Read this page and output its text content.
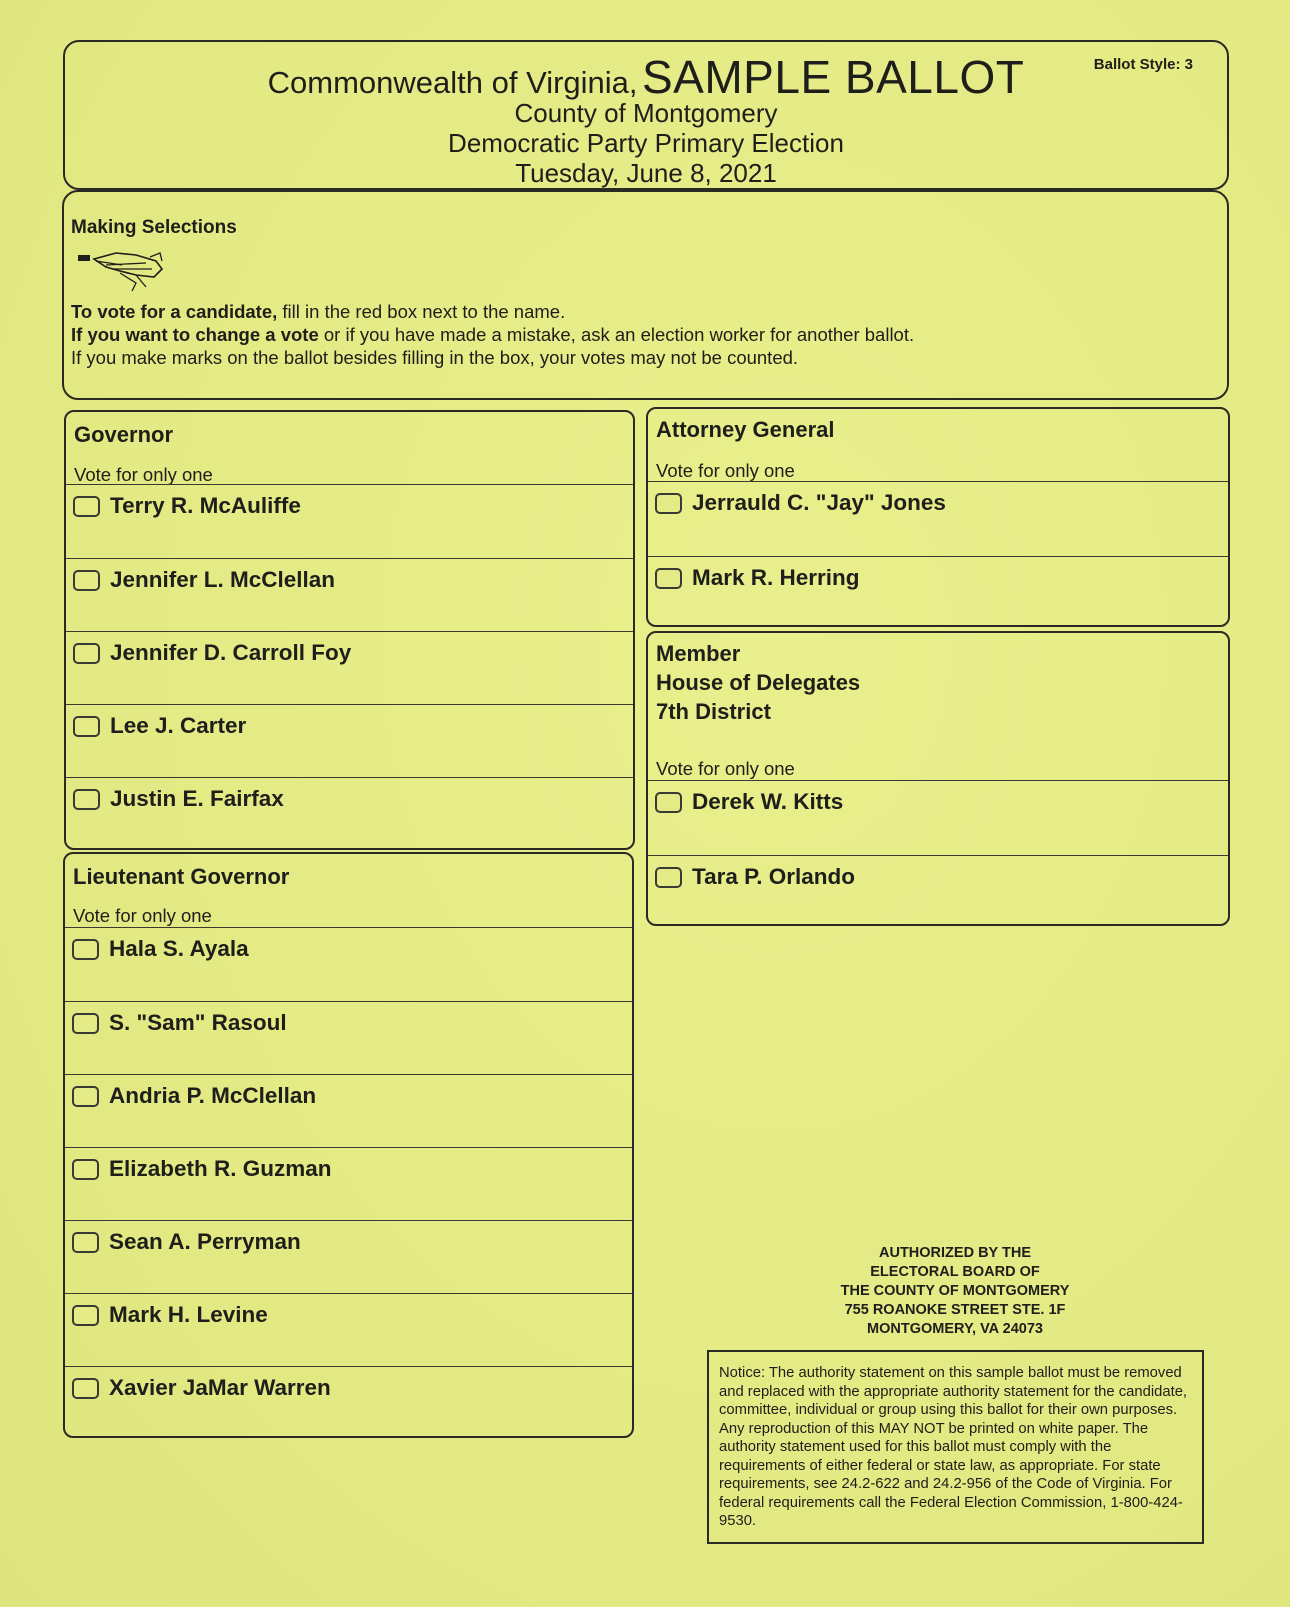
Commonwealth of Virginia, SAMPLE BALLOT	Ballot Style: 3
County of Montgomery
Democratic Party Primary Election
Tuesday, June 8, 2021
Making Selections
To vote for a candidate, fill in the red box next to the name.
If you want to change a vote or if you have made a mistake, ask an election worker for another ballot.
If you make marks on the ballot besides filling in the box, your votes may not be counted.
Governor
Vote for only one
Terry R. McAuliffe
Jennifer L. McClellan
Jennifer D. Carroll Foy
Lee J. Carter
Justin E. Fairfax
Lieutenant Governor
Vote for only one
Hala S. Ayala
S. "Sam" Rasoul
Andria P. McClellan
Elizabeth R. Guzman
Sean A. Perryman
Mark H. Levine
Xavier JaMar Warren
Attorney General
Vote for only one
Jerrauld C. "Jay" Jones
Mark R. Herring
Member
House of Delegates
7th District
Vote for only one
Derek W. Kitts
Tara P. Orlando
AUTHORIZED BY THE
ELECTORAL BOARD OF
THE COUNTY OF MONTGOMERY
755 ROANOKE STREET STE. 1F
MONTGOMERY, VA 24073
Notice: The authority statement on this sample ballot must be removed and replaced with the appropriate authority statement for the candidate, committee, individual or group using this ballot for their own purposes. Any reproduction of this MAY NOT be printed on white paper. The authority statement used for this ballot must comply with the requirements of either federal or state law, as appropriate. For state requirements, see 24.2-622 and 24.2-956 of the Code of Virginia. For federal requirements call the Federal Election Commission, 1-800-424-9530.
